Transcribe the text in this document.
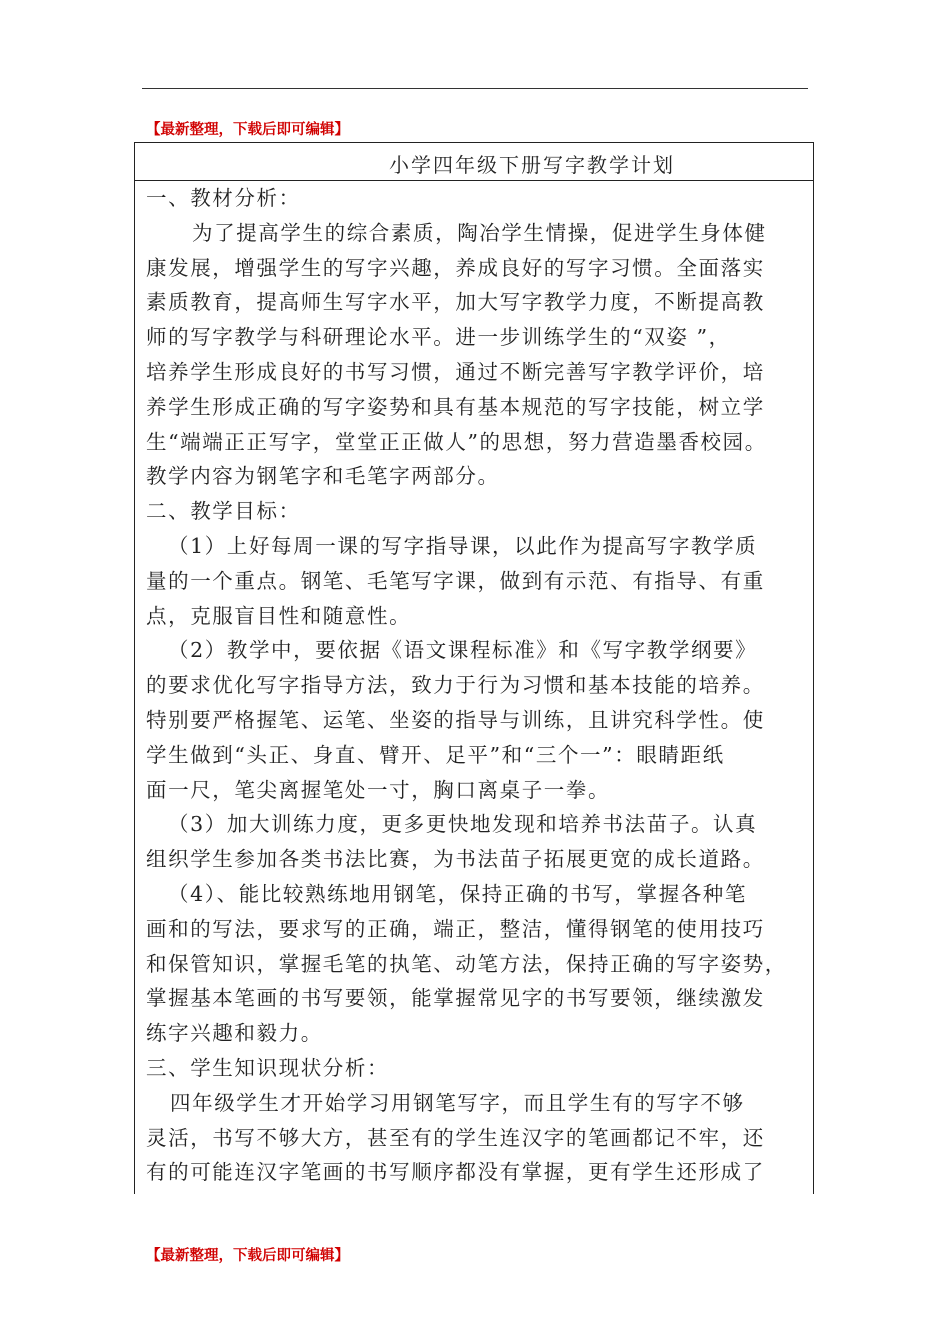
【最新整理，下载后即可编辑】
小学四年级下册写字教学计划
一、教材分析：
为了提高学生的综合素质，陶冶学生情操，促进学生身体健
康发展，增强学生的写字兴趣，养成良好的写字习惯。全面落实
素质教育，提高师生写字水平，加大写字教学力度，不断提高教
师的写字教学与科研理论水平。进一步训练学生的“双姿 ”，
培养学生形成良好的书写习惯，通过不断完善写字教学评价，培
养学生形成正确的写字姿势和具有基本规范的写字技能，树立学
生“端端正正写字，堂堂正正做人”的思想，努力营造墨香校园。
教学内容为钢笔字和毛笔字两部分。
二、教学目标：
（1）上好每周一课的写字指导课，以此作为提高写字教学质
量的一个重点。钢笔、毛笔写字课，做到有示范、有指导、有重
点，克服盲目性和随意性。
（2）教学中，要依据《语文课程标准》和《写字教学纲要》
的要求优化写字指导方法，致力于行为习惯和基本技能的培养。
特别要严格握笔、运笔、坐姿的指导与训练，且讲究科学性。使
学生做到“头正、身直、臂开、足平”和“三个一”：眼睛距纸
面一尺，笔尖离握笔处一寸，胸口离桌子一拳。
（3）加大训练力度，更多更快地发现和培养书法苗子。认真
组织学生参加各类书法比赛，为书法苗子拓展更宽的成长道路。
（4）、能比较熟练地用钢笔，保持正确的书写，掌握各种笔
画和的写法，要求写的正确，端正，整洁，懂得钢笔的使用技巧
和保管知识，掌握毛笔的执笔、动笔方法，保持正确的写字姿势，
掌握基本笔画的书写要领，能掌握常见字的书写要领，继续激发
练字兴趣和毅力。
三、学生知识现状分析：
四年级学生才开始学习用钢笔写字，而且学生有的写字不够
灵活，书写不够大方，甚至有的学生连汉字的笔画都记不牢，还
有的可能连汉字笔画的书写顺序都没有掌握，更有学生还形成了
【最新整理，下载后即可编辑】
